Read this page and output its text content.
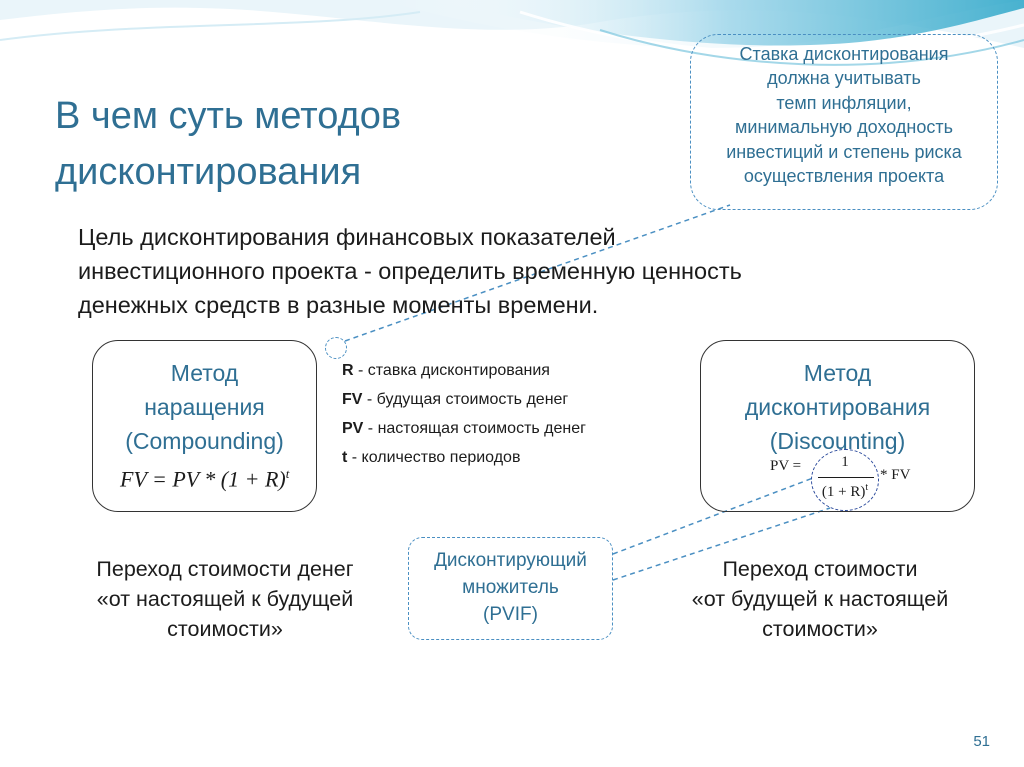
В чем суть методов дисконтирования
Ставка дисконтирования
должна учитывать
темп инфляции,
минимальную доходность
инвестиций и степень риска
осуществления проекта
Цель дисконтирования финансовых показателей
инвестиционного проекта - определить временную ценность
денежных средств в разные моменты времени.
Метод
наращения
(Compounding)
FV = PV * $(1 + R)^t$
R - ставка дисконтирования
FV - будущая стоимость денег
PV - настоящая стоимость денег
t - количество периодов
Метод
дисконтирования
(Discounting)
PV =	1
$(1 + R)^t$
* FV
Переход стоимости денег
«от настоящей к будущей
стоимости»
Переход стоимости
«от будущей к настоящей
стоимости»
Дисконтирующий
множитель
(PVIF)
51
